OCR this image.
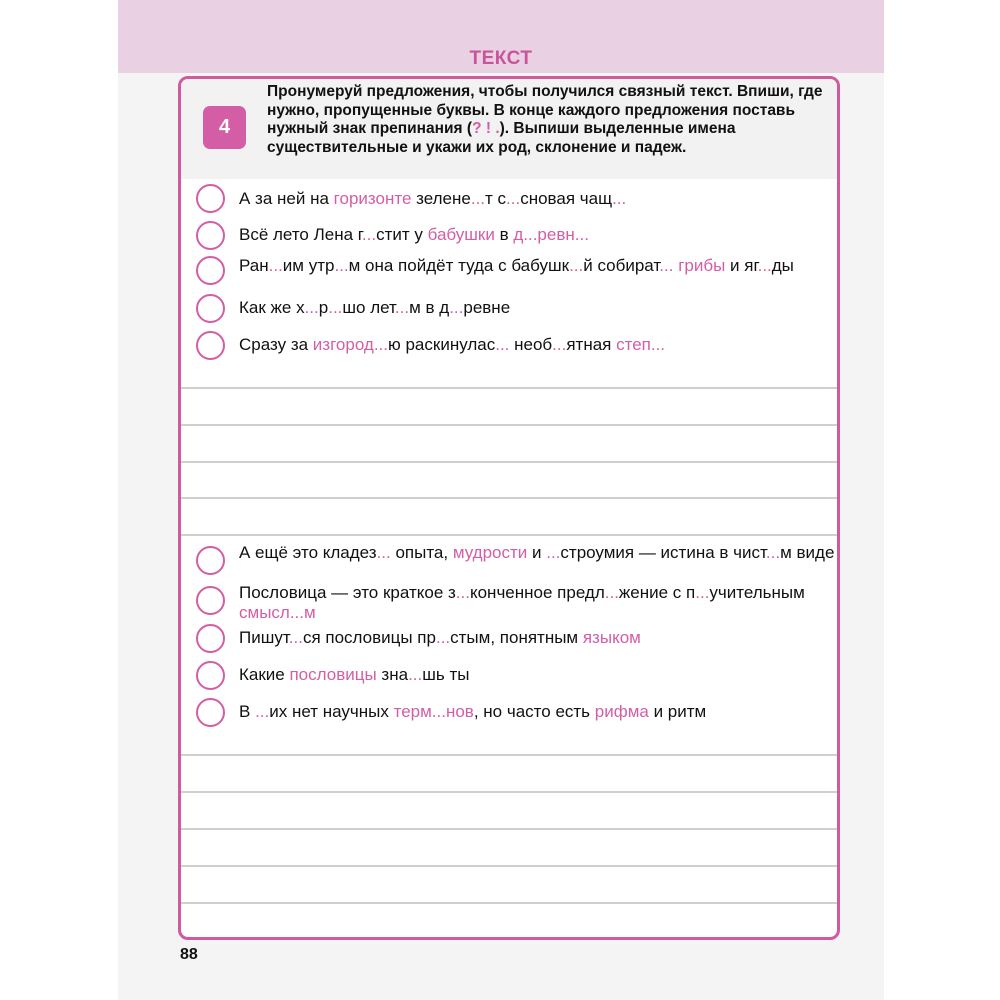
ТЕКСТ
4
Пронумеруй предложения, чтобы получился связный текст. Впиши, где нужно, пропущенные буквы. В конце каждого предложения поставь нужный знак препинания (? ! .). Выпиши выделенные имена существительные и укажи их род, склонение и падеж.
А за ней на горизонте зелене...т с...сновая чащ...
Всё лето Лена г...стит у бабушки в д...ревн...
Ран...им утр...м она пойдёт туда с бабушк...й собират... грибы и яг...ды
Как же х...р...шо лет...м в д...ревне
Сразу за изгород...ю раскинулас... необ...ятная степ...
А ещё это кладез... опыта, мудрости и ...строумия — истина в чист...м виде
Пословица — это краткое з...конченное предл...жение с п...учительным смысл...м
Пишут...ся пословицы пр...стым, понятным языком
Какие пословицы зна...шь ты
В ...их нет научных терм...нов, но часто есть рифма и ритм
88
